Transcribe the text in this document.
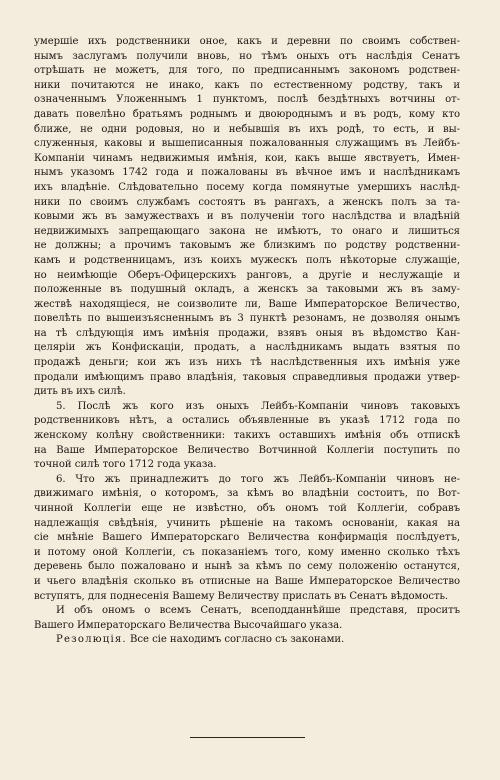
умершіе ихъ родственники оное, какъ и деревни по своимъ собствен-
нымъ заслугамъ получили вновь, но тѣмъ оныхъ отъ наслѣдія Сенатъ
отрѣшать не можетъ, для того, по предписаннымъ закономъ родствен-
ники почитаются не инако, какъ по естественному родству, такъ и
означеннымъ Уложеннымъ 1 пунктомъ, послѣ бездѣтныхъ вотчины от-
давать повелѣно братьямъ роднымъ и двоюроднымъ и въ родъ, кому кто
ближе, не одни родовыя, но и небывшія въ ихъ родѣ, то есть, и вы-
служенныя, каковы и вышеписанныя пожалованныя служащимъ въ Лейбъ-
Компаніи чинамъ недвижимыя имѣнія, кои, какъ выше явствуетъ, Имен-
нымъ указомъ 1742 года и пожалованы въ вѣчное имъ и наслѣдникамъ
ихъ владѣніе. Слѣдовательно посему когда помянутые умершихъ наслѣд-
ники по своимъ службамъ состоятъ въ рангахъ, а женскъ полъ за та-
ковыми жъ въ замужествахъ и въ полученіи того наслѣдства и владѣній
недвижимыхъ запрещающаго закона не имѣютъ, то онаго и лишиться
не должны; а прочимъ таковымъ же близкимъ по родству родственни-
камъ и родственницамъ, изъ коихъ мужескъ полъ нѣкоторые служащіе,
но неимѣющіе Оберъ-Офицерскихъ ранговъ, а другіе и неслужащіе и
положенные въ подушный окладъ, а женскъ за таковыми жъ въ заму-
жествѣ находящіеся, не соизволите ли, Ваше Императорское Величество,
повелѣть по вышеизъясненнымъ въ 3 пунктѣ резонамъ, не дозволяя онымъ
на тѣ слѣдующія имъ имѣнія продажи, взявъ оныя въ вѣдомство Кан-
целяріи жъ Конфискаціи, продать, а наслѣдникамъ выдать взятыя по
продажѣ деньги; кои жъ изъ нихъ тѣ наслѣдственныя ихъ имѣнія уже
продали имѣющимъ право владѣнія, таковыя справедливыя продажи утвер-
дить въ ихъ силѣ.
5. Послѣ жъ кого изъ оныхъ Лейбъ-Компаніи чиновъ таковыхъ
родственниковъ нѣтъ, а остались объявленные въ указѣ 1712 года по
женскому колѣну свойственники: такихъ оставшихъ имѣнія объ отпискѣ
на Ваше Императорское Величество Вотчинной Коллегіи поступить по
точной силѣ того 1712 года указа.
6. Что жъ принадлежитъ до того жъ Лейбъ-Компаніи чиновъ не-
движимаго имѣнія, о которомъ, за кѣмъ во владѣніи состоитъ, по Вот-
чинной Коллегіи еще не извѣстно, объ ономъ той Коллегіи, собравъ
надлежащія свѣдѣнія, учинить рѣшеніе на такомъ основаніи, какая на
сіе мнѣніе Вашего Императорскаго Величества конфирмація послѣдуетъ,
и потому оной Коллегіи, съ показаніемъ того, кому именно сколько тѣхъ
деревень было пожаловано и нынѣ за кѣмъ по сему положенію останутся,
и чьего владѣнія сколько въ отписные на Ваше Императорское Величество
вступятъ, для поднесенія Вашему Величеству прислать въ Сенатъ вѣдомость.
И объ ономъ о всемъ Сенатъ, всеподданнѣйше представя, проситъ
Вашего Императорскаго Величества Высочайшаго указа.
Резолюція. Все сіе находимъ согласно съ законами.
